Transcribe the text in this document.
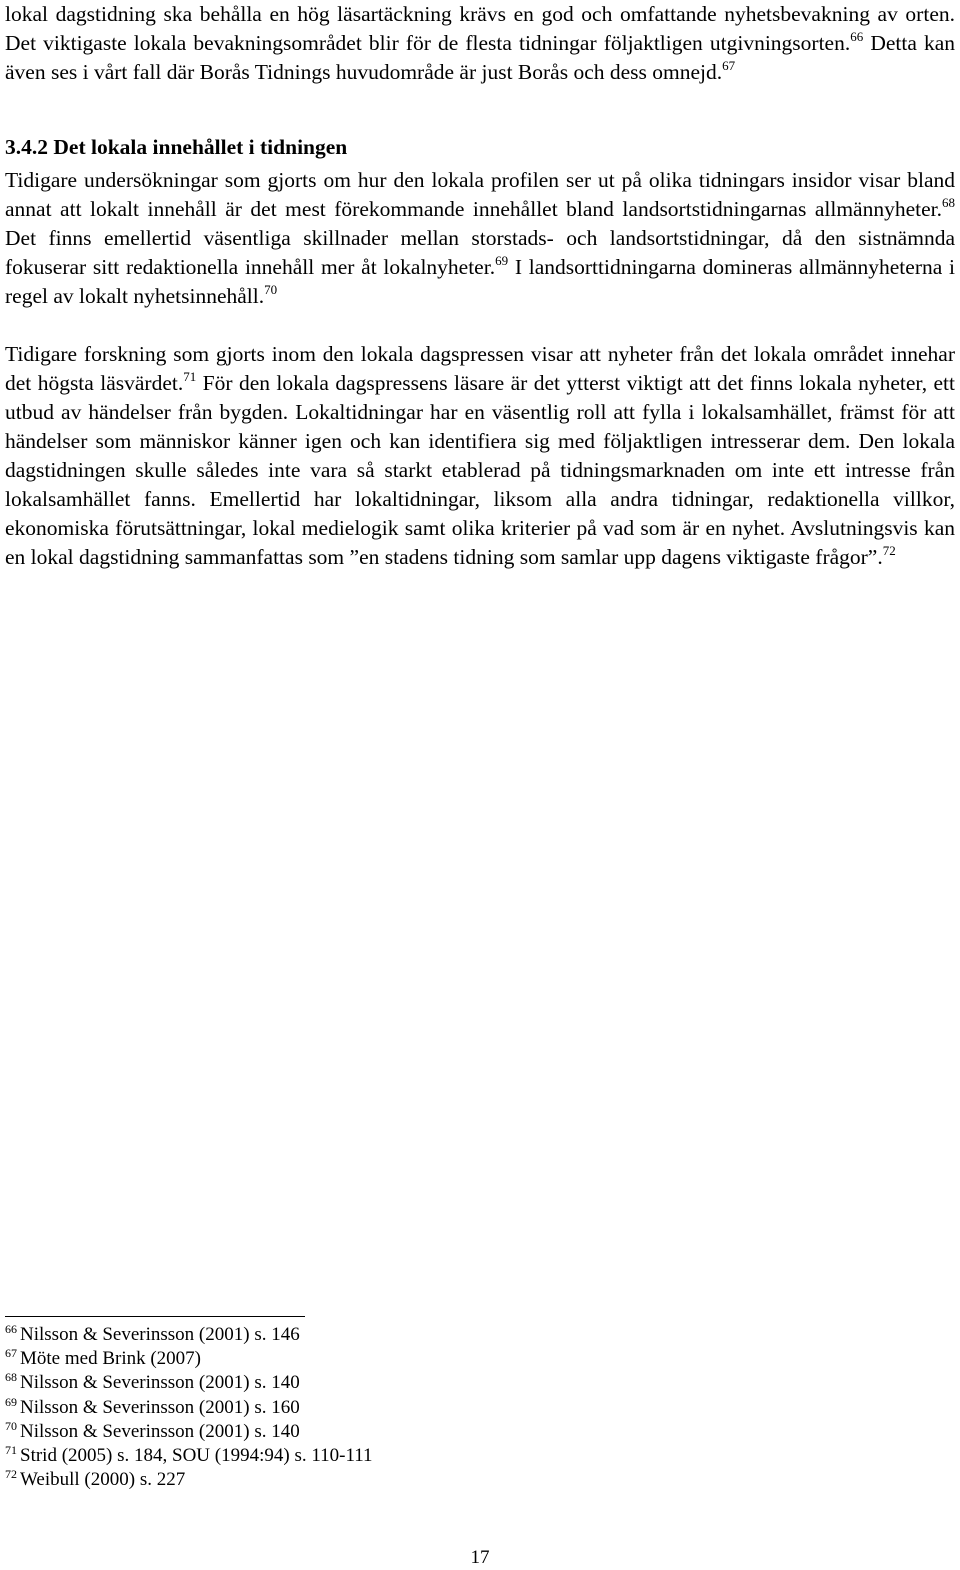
lokal dagstidning ska behålla en hög läsartäckning krävs en god och omfattande nyhetsbevakning av orten. Det viktigaste lokala bevakningsområdet blir för de flesta tidningar följaktligen utgivningsorten.$^{66}$ Detta kan även ses i vårt fall där Borås Tidnings huvudområde är just Borås och dess omnejd.$^{67}$

3.4.2 Det lokala innehållet i tidningen

Tidigare undersökningar som gjorts om hur den lokala profilen ser ut på olika tidningars insidor visar bland annat att lokalt innehåll är det mest förekommande innehållet bland landsortstidningarnas allmännyheter.$^{68}$ Det finns emellertid väsentliga skillnader mellan storstads- och landsortstidningar, då den sistnämnda fokuserar sitt redaktionella innehåll mer åt lokalnyheter.$^{69}$ I landsorttidningarna domineras allmännyheterna i regel av lokalt nyhetsinnehåll.$^{70}$

Tidigare forskning som gjorts inom den lokala dagspressen visar att nyheter från det lokala området innehar det högsta läsvärdet.$^{71}$ För den lokala dagspressens läsare är det ytterst viktigt att det finns lokala nyheter, ett utbud av händelser från bygden. Lokaltidningar har en väsentlig roll att fylla i lokalsamhället, främst för att händelser som människor känner igen och kan identifiera sig med följaktligen intresserar dem. Den lokala dagstidningen skulle således inte vara så starkt etablerad på tidningsmarknaden om inte ett intresse från lokalsamhället fanns. Emellertid har lokaltidningar, liksom alla andra tidningar, redaktionella villkor, ekonomiska förutsättningar, lokal medielogik samt olika kriterier på vad som är en nyhet. Avslutningsvis kan en lokal dagstidning sammanfattas som ”en stadens tidning som samlar upp dagens viktigaste frågor”.$^{72}$

$^{66}$ Nilsson & Severinsson (2001) s. 146
$^{67}$ Möte med Brink (2007)
$^{68}$ Nilsson & Severinsson (2001) s. 140
$^{69}$ Nilsson & Severinsson (2001) s. 160
$^{70}$ Nilsson & Severinsson (2001) s. 140
$^{71}$ Strid (2005) s. 184, SOU (1994:94) s. 110-111
$^{72}$ Weibull (2000) s. 227
17
